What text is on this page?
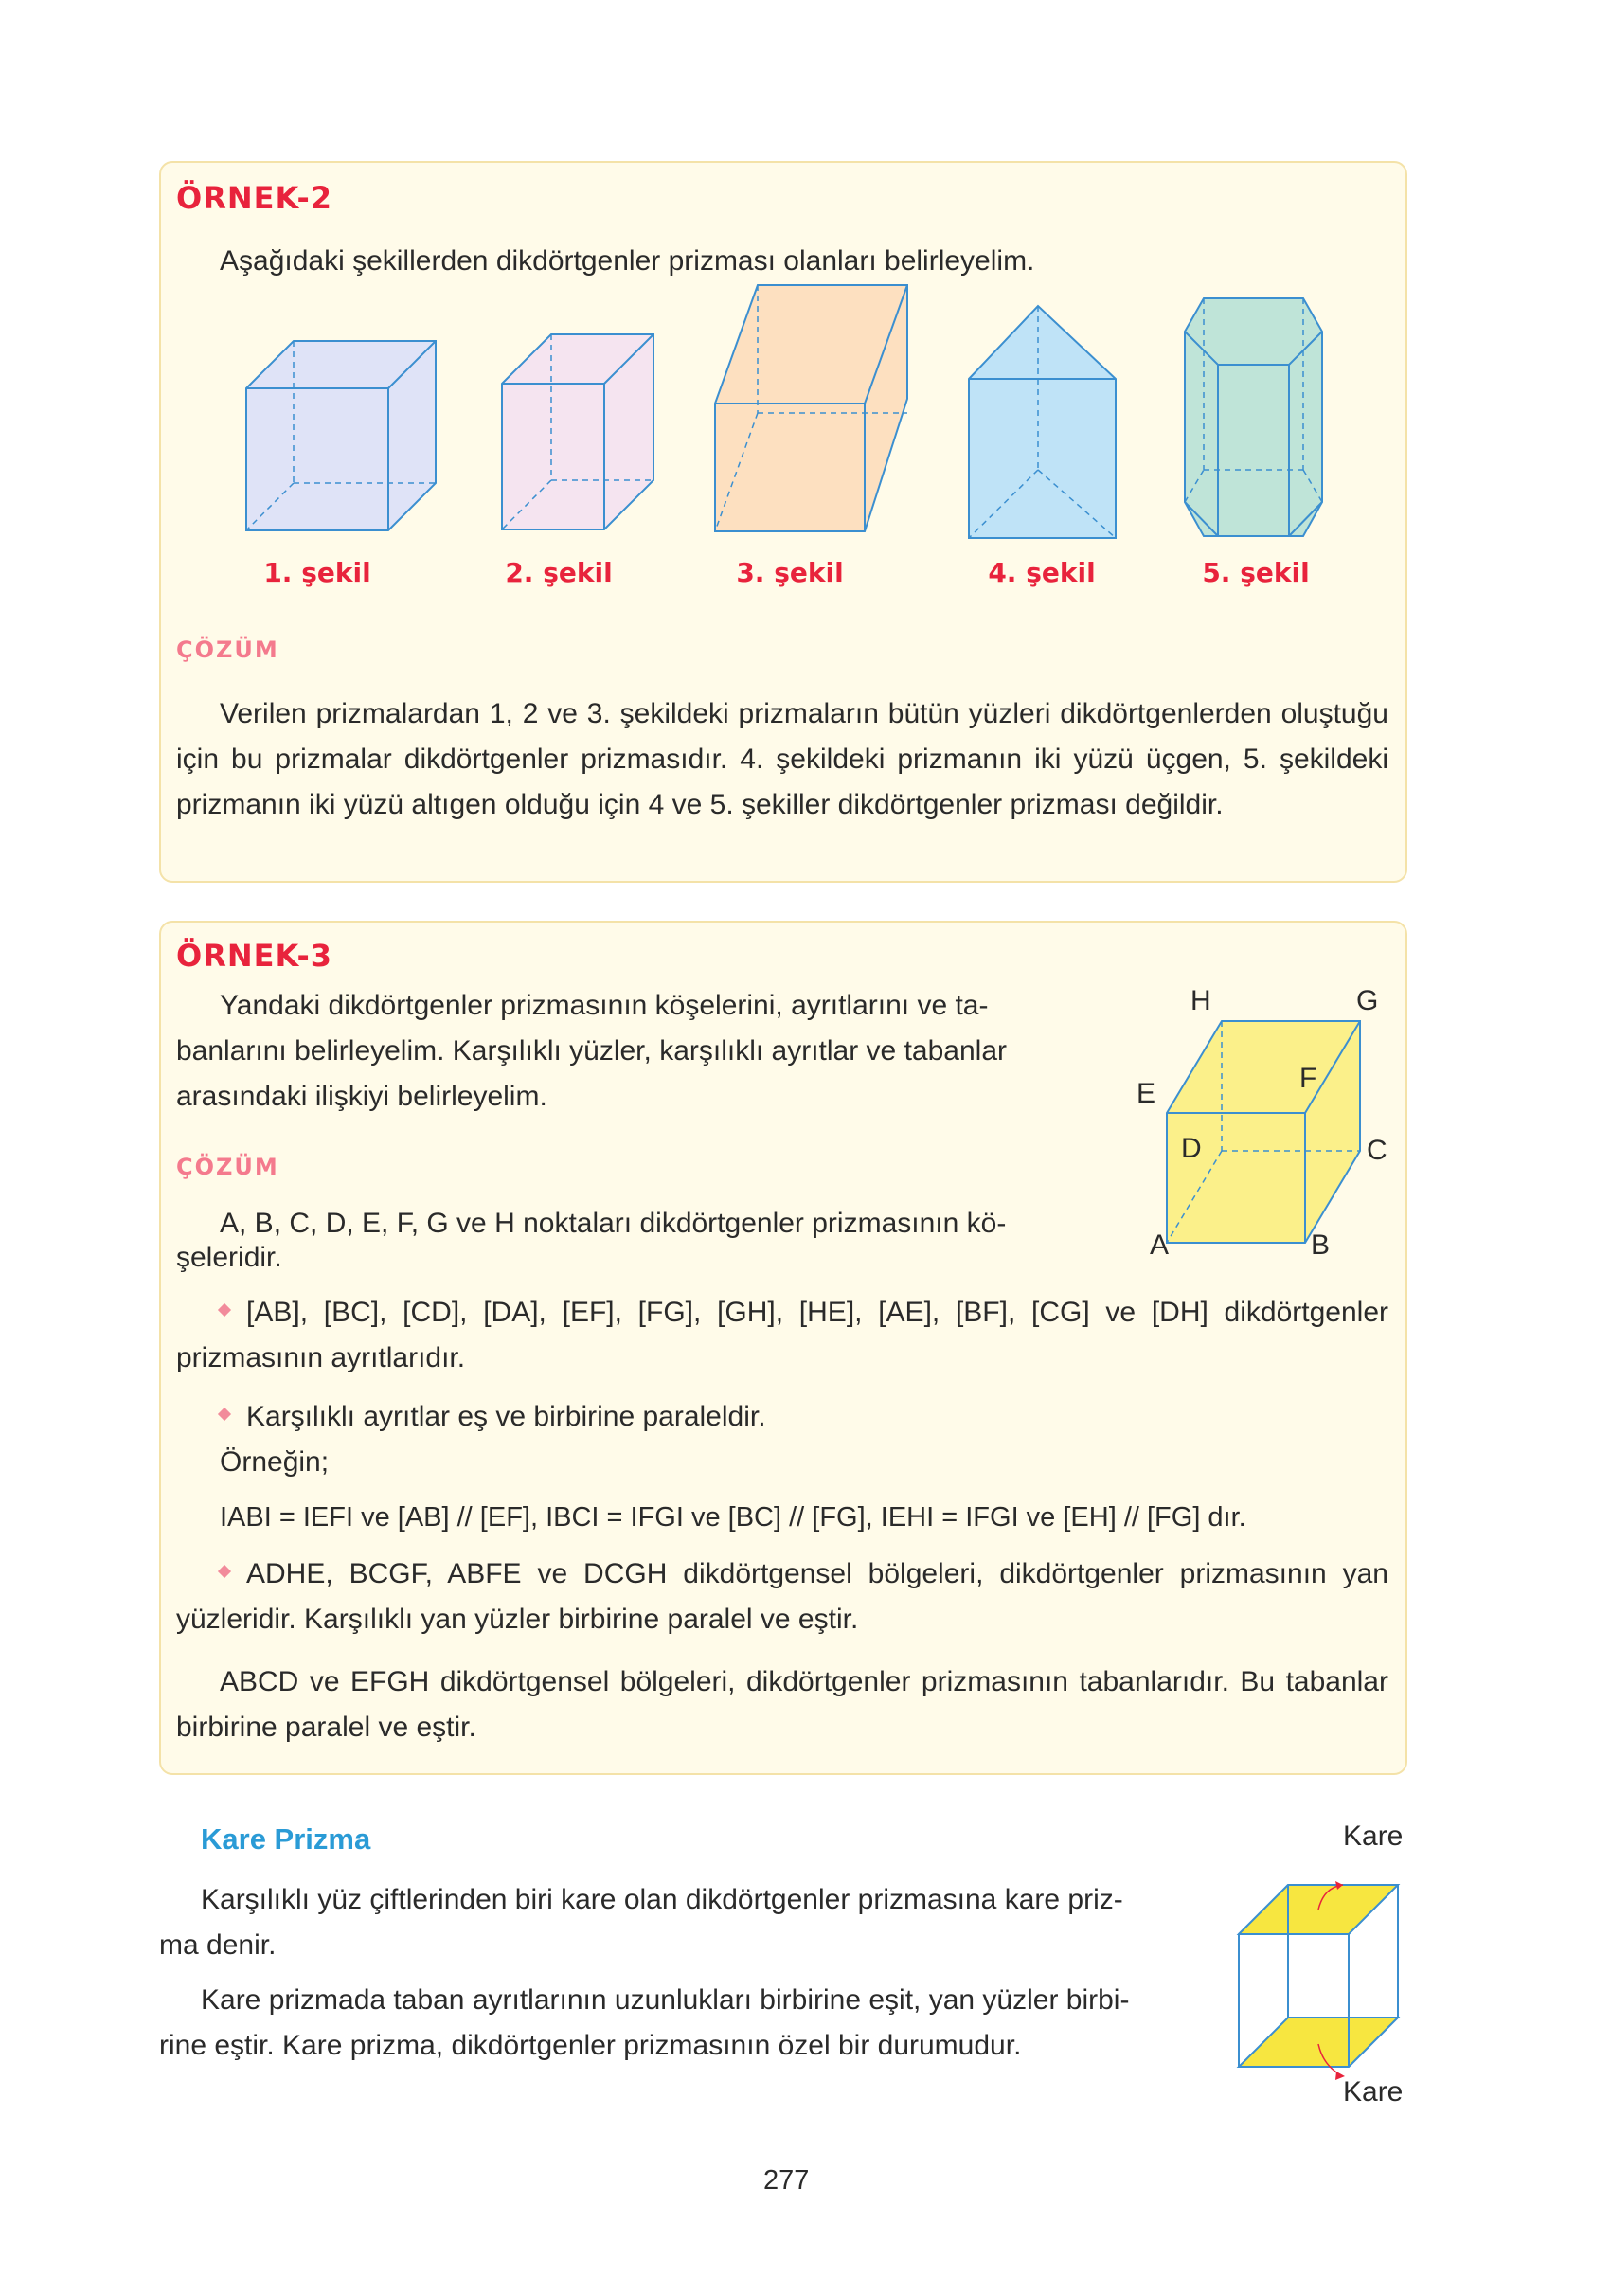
ÖRNEK-2
Aşağıdaki şekillerden dikdörtgenler prizması olanları belirleyelim.
1. şekil	2. şekil	3. şekil	4. şekil	5. şekil
ÇÖZÜM
Verilen prizmalardan 1, 2 ve 3. şekildeki prizmaların bütün yüzleri dikdörtgenlerden oluştuğu için bu prizmalar dikdörtgenler prizmasıdır. 4. şekildeki prizmanın iki yüzü üçgen, 5. şekildeki prizmanın iki yüzü altıgen olduğu için 4 ve 5. şekiller dikdörtgenler prizması değildir.
ÖRNEK-3
Yandaki dikdörtgenler prizmasının köşelerini, ayrıtlarını ve ta-
banlarını belirleyelim. Karşılıklı yüzler, karşılıklı ayrıtlar ve tabanlar
arasındaki ilişkiyi belirleyelim.
H	G
F
E
D	C
A	B
ÇÖZÜM
A, B, C, D, E, F, G ve H noktaları dikdörtgenler prizmasının kö-
şeleridir.
[AB], [BC], [CD], [DA], [EF], [FG], [GH], [HE], [AE], [BF], [CG] ve [DH] dikdörtgenler prizmasının ayrıtlarıdır.
Karşılıklı ayrıtlar eş ve birbirine paraleldir.
Örneğin;
IABI = IEFI ve [AB] // [EF], IBCI = IFGI ve [BC] // [FG], IEHI = IFGI ve [EH] // [FG] dır.
ADHE, BCGF, ABFE ve DCGH dikdörtgensel bölgeleri, dikdörtgenler prizmasının yan yüzleridir. Karşılıklı yan yüzler birbirine paralel ve eştir.
ABCD ve EFGH dikdörtgensel bölgeleri, dikdörtgenler prizmasının tabanlarıdır. Bu tabanlar birbirine paralel ve eştir.
Kare Prizma
Karşılıklı yüz çiftlerinden biri kare olan dikdörtgenler prizmasına kare priz-
ma denir.
Kare prizmada taban ayrıtlarının uzunlukları birbirine eşit, yan yüzler birbi-
rine eştir. Kare prizma, dikdörtgenler prizmasının özel bir durumudur.
Kare
Kare
277
